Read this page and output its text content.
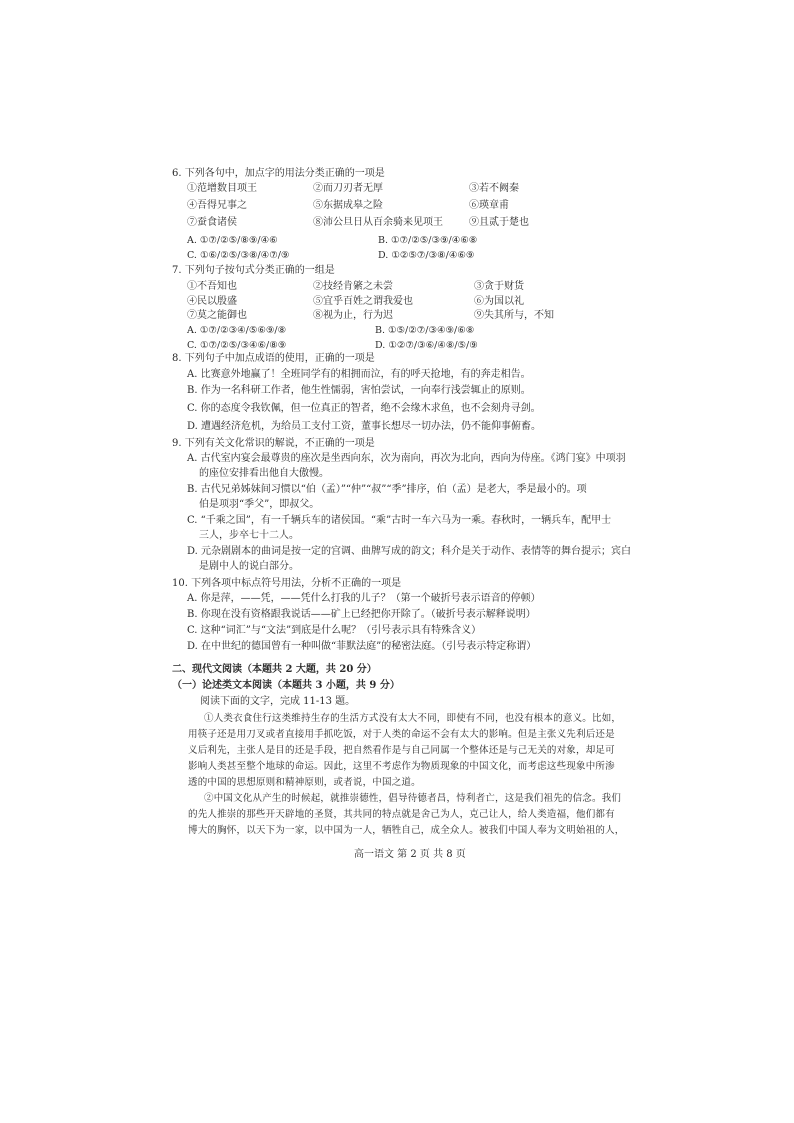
6. 下列各句中，加点字的用法分类正确的一项是
①范增数目项王	②而刀刃者无厚	③若不阙秦
④吾得兄事之	⑤东据成皋之险	⑥瑛章甫
⑦蚕食诸侯	⑧沛公旦日从百余骑来见项王	⑨且贰于楚也
A. ①⑦/②⑤/⑧⑨/④⑥	B. ①⑦/②⑤/③⑨/④⑥⑧
C. ①⑥/②⑤/③⑧/④⑦/⑨	D. ①②⑤⑦/③⑧/④⑥⑨
7. 下列句子按句式分类正确的一组是
①不吾知也	②技经肯綮之未尝	③贪于财货
④民以殷盛	⑤宜乎百姓之谓我爱也	⑥为国以礼
⑦莫之能御也	⑧视为止，行为迟	⑨失其所与，不知
A. ①⑦/②③④/⑤⑥⑨/⑧	B. ①⑤/②⑦/③④⑨/⑥⑧
C. ①⑦/②⑤/③④⑥/⑧⑨	D. ①②⑦/③⑥/④⑧/⑤/⑨
8. 下列句子中加点成语的使用，正确的一项是
A. 比赛意外地赢了！全班同学有的相拥而泣，有的呼天抢地，有的奔走相告。
B. 作为一名科研工作者，他生性懦弱，害怕尝试，一向奉行浅尝辄止的原则。
C. 你的态度令我钦佩，但一位真正的智者，绝不会缘木求鱼，也不会刻舟寻剑。
D. 遭遇经济危机，为给员工支付工资，董事长想尽一切办法，仍不能仰事俯畜。
9. 下列有关文化常识的解说，不正确的一项是
A. 古代室内宴会最尊贵的座次是坐西向东，次为南向，再次为北向，西向为侍座。《鸿门宴》中项羽
的座位安排看出他自大傲慢。
B. 古代兄弟姊妹间习惯以“伯（孟）”“仲”“叔”“季”排序，伯（孟）是老大，季是最小的。项
伯是项羽“季父”，即叔父。
C. “千乘之国”，有一千辆兵车的诸侯国。“乘”古时一车六马为一乘。春秋时，一辆兵车，配甲士
三人，步卒七十二人。
D. 元杂剧剧本的曲词是按一定的宫调、曲牌写成的韵文；科介是关于动作、表情等的舞台提示；宾白
是剧中人的说白部分。
10. 下列各项中标点符号用法，分析不正确的一项是
A. 你是萍，——凭，——凭什么打我的儿子？（第一个破折号表示语音的停顿）
B. 你现在没有资格跟我说话——矿上已经把你开除了。（破折号表示解释说明）
C. 这种“词汇”与“文法”到底是什么呢？（引号表示具有特殊含义）
D. 在中世纪的德国曾有一种叫做“菲默法庭”的秘密法庭。（引号表示特定称谓）
二、现代文阅读（本题共 2 大题，共 20 分）
（一）论述类文本阅读（本题共 3 小题，共 9 分）
阅读下面的文字，完成 11-13 题。
①人类衣食住行这类维持生存的生活方式没有太大不同，即使有不同，也没有根本的意义。比如，
用筷子还是用刀叉或者直接用手抓吃饭，对于人类的命运不会有太大的影响。但是主张义先利后还是
义后利先，主张人是目的还是手段，把自然看作是与自己同属一个整体还是与己无关的对象，却足可
影响人类甚至整个地球的命运。因此，这里不考虑作为物质现象的中国文化，而考虑这些现象中所渗
透的中国的思想原则和精神原则，或者说，中国之道。
②中国文化从产生的时候起，就推崇德性，倡导待德者昌，恃利者亡，这是我们祖先的信念。我们
的先人推崇的那些开天辟地的圣贤，其共同的特点就是舍己为人，克己让人，给人类造福，他们都有
博大的胸怀，以天下为一家，以中国为一人，牺牲自己，成全众人。被我们中国人奉为文明始祖的人，
高一语文 第 2 页 共 8 页
